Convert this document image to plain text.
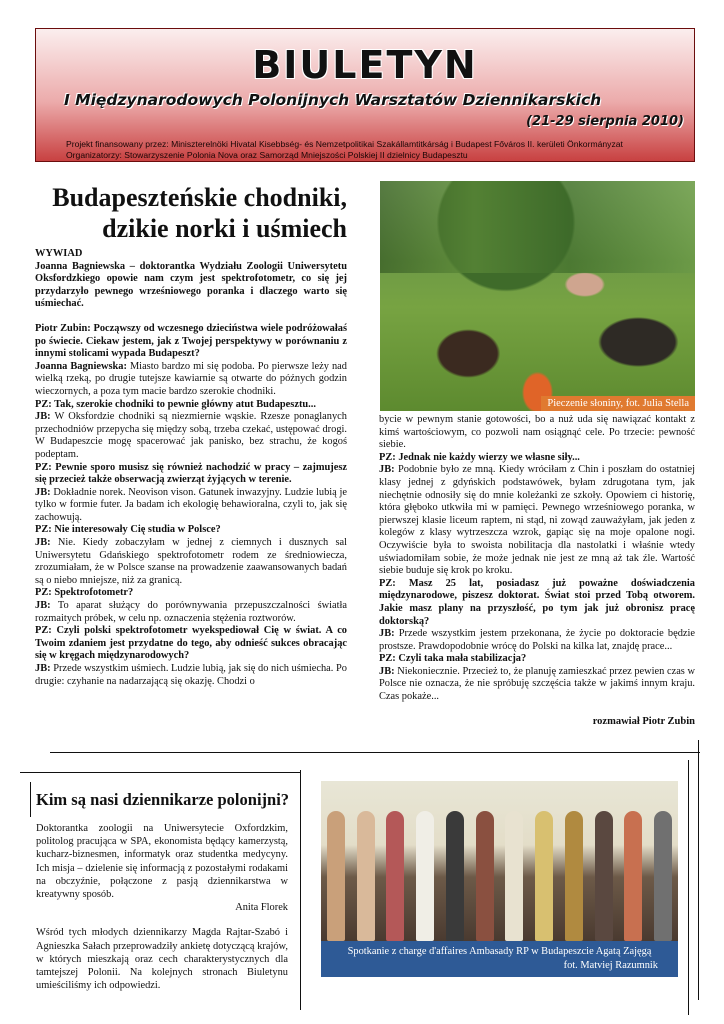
BIULETYN
I Międzynarodowych Polonijnych Warsztatów Dziennikarskich
(21-29 sierpnia 2010)
Projekt finansowany przez: Miniszterelnöki Hivatal Kisebbség- és Nemzetpolitikai Szakállamtitkárság i Budapest Főváros II. kerületi Önkormányzat
Organizatorzy: Stowarzyszenie Polonia Nova oraz Samorząd Mniejszości Polskiej II dzielnicy Budapesztu
Budapeszteńskie chodniki,
dzikie norki i uśmiech

WYWIAD

Joanna Bagniewska – doktorantka Wydziału Zoologii Uniwersytetu Oksfordzkiego opowie nam czym jest spektrofotometr, co się jej przydarzyło pewnego wrześniowego poranka i dlaczego warto się uśmiechać.

Piotr Zubin: Począwszy od wczesnego dzieciństwa wiele podróżowałaś po świecie. Ciekaw jestem, jak z Twojej perspektywy w porównaniu z innymi stolicami wypada Budapeszt?

Joanna Bagniewska: Miasto bardzo mi się podoba. Po pierwsze leży nad wielką rzeką, po drugie tutejsze kawiarnie są otwarte do późnych godzin wieczornych, a poza tym macie bardzo szerokie chodniki.

PZ: Tak, szerokie chodniki to pewnie główny atut Budapesztu...

JB: W Oksfordzie chodniki są niezmiernie wąskie. Rzesze ponaglanych przechodniów przepycha się między sobą, trzeba czekać, ustępować drogi. W Budapeszcie mogę spacerować jak panisko, bez strachu, że kogoś podeptam.

PZ: Pewnie sporo musisz się również nachodzić w pracy – zajmujesz się przecież także obserwacją zwierząt żyjących w terenie.

JB: Dokładnie norek. Neovison vison. Gatunek inwazyjny. Ludzie lubią je tylko w formie futer. Ja badam ich ekologię behawioralna, czyli to, jak się zachowują.

PZ: Nie interesowały Cię studia w Polsce?

JB: Nie. Kiedy zobaczyłam w jednej z ciemnych i dusznych sal Uniwersytetu Gdańskiego spektrofotometr rodem ze średniowiecza, zrozumiałam, że w Polsce szanse na prowadzenie zaawansowanych badań są o niebo mniejsze, niż za granicą.

PZ: Spektrofotometr?

JB: To aparat służący do porównywania przepuszczalności światła rozmaitych próbek, w celu np. oznaczenia stężenia roztworów.

PZ: Czyli polski spektrofotometr wyekspediował Cię w świat. A co Twoim zdaniem jest przydatne do tego, aby odnieść sukces obracając się w kręgach międzynarodowych?

JB: Przede wszystkim uśmiech. Ludzie lubią, jak się do nich uśmiecha. Po drugie: czyhanie na nadarzającą się okazję. Chodzi o

Pieczenie słoniny, fot. Julia Stella

bycie w pewnym stanie gotowości, bo a nuż uda się nawiązać kontakt z kimś wartościowym, co pozwoli nam osiągnąć cele. Po trzecie: pewność siebie.

PZ: Jednak nie każdy wierzy we własne siły...

JB: Podobnie było ze mną. Kiedy wróciłam z Chin i poszłam do ostatniej klasy jednej z gdyńskich podstawówek, byłam zdrugotana tym, jak niechętnie odnosiły się do mnie koleżanki ze szkoły. Opowiem ci historię, która głęboko utkwiła mi w pamięci. Pewnego wrześniowego poranka, w pierwszej klasie liceum raptem, ni stąd, ni zowąd zauważyłam, jak jeden z kolegów z klasy wytrzeszcza wzrok, gapiąc się na moje opalone nogi. Oczywiście była to swoista nobilitacja dla nastolatki i właśnie wtedy uświadomiłam sobie, że może jednak nie jest ze mną aż tak źle. Wartość siebie buduje się krok po kroku.

PZ: Masz 25 lat, posiadasz już poważne doświadczenia międzynarodowe, piszesz doktorat. Świat stoi przed Tobą otworem. Jakie masz plany na przyszłość, po tym jak już obronisz pracę doktorską?

JB: Przede wszystkim jestem przekonana, że życie po doktoracie będzie prostsze. Prawdopodobnie wrócę do Polski na kilka lat, znajdę prace...

PZ: Czyli taka mała stabilizacja?

JB: Niekoniecznie. Przecież to, że planuję zamieszkać przez pewien czas w Polsce nie oznacza, że nie spróbuję szczęścia także w jakimś innym kraju. Czas pokaże...

rozmawiał Piotr Zubin
Kim są nasi dziennikarze polonijni?

Doktorantka zoologii na Uniwersytecie Oxfordzkim, politolog pracująca w SPA, ekonomista będący kamerzystą, kucharz-biznesmen, informatyk oraz studentka medycyny. Ich misja – dzielenie się informacją z pozostałymi rodakami na obczyźnie, połączone z pasją dziennikarstwa w kreatywny sposób.

Anita Florek

Wśród tych młodych dziennikarzy Magda Rajtar-Szabó i Agnieszka Sałach przeprowadziły ankietę dotyczącą krajów, w których mieszkają oraz cech charakterystycznych dla tamtejszej Polonii. Na kolejnych stronach Biuletynu umieściliśmy ich odpowiedzi.

Spotkanie z charge d'affaires Ambasady RP w Budapeszcie Agatą Zajęgą
fot. Matviej Razumnik
